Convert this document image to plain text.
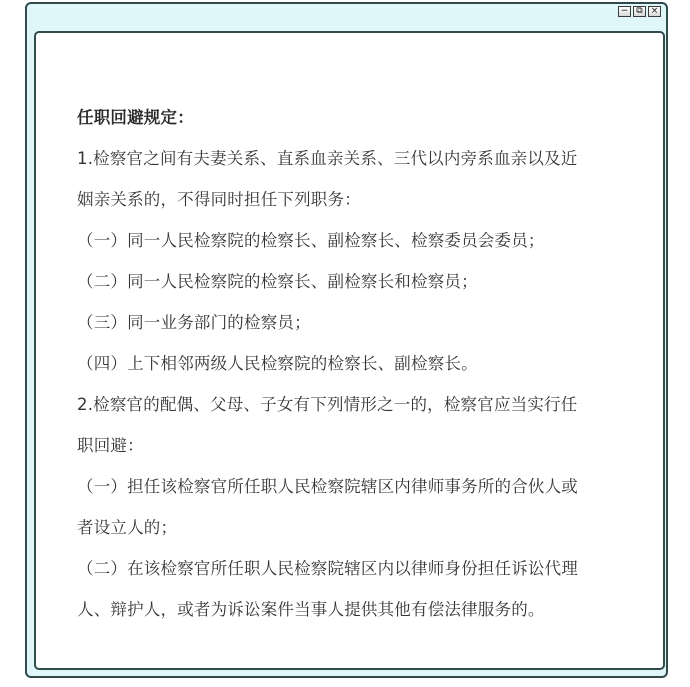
− ⧉ ×

任职回避规定：

1.检察官之间有夫妻关系、直系血亲关系、三代以内旁系血亲以及近

姻亲关系的，不得同时担任下列职务：

（一）同一人民检察院的检察长、副检察长、检察委员会委员；

（二）同一人民检察院的检察长、副检察长和检察员；

（三）同一业务部门的检察员；

（四）上下相邻两级人民检察院的检察长、副检察长。

2.检察官的配偶、父母、子女有下列情形之一的，检察官应当实行任

职回避：

（一）担任该检察官所任职人民检察院辖区内律师事务所的合伙人或

者设立人的；

（二）在该检察官所任职人民检察院辖区内以律师身份担任诉讼代理

人、辩护人，或者为诉讼案件当事人提供其他有偿法律服务的。
